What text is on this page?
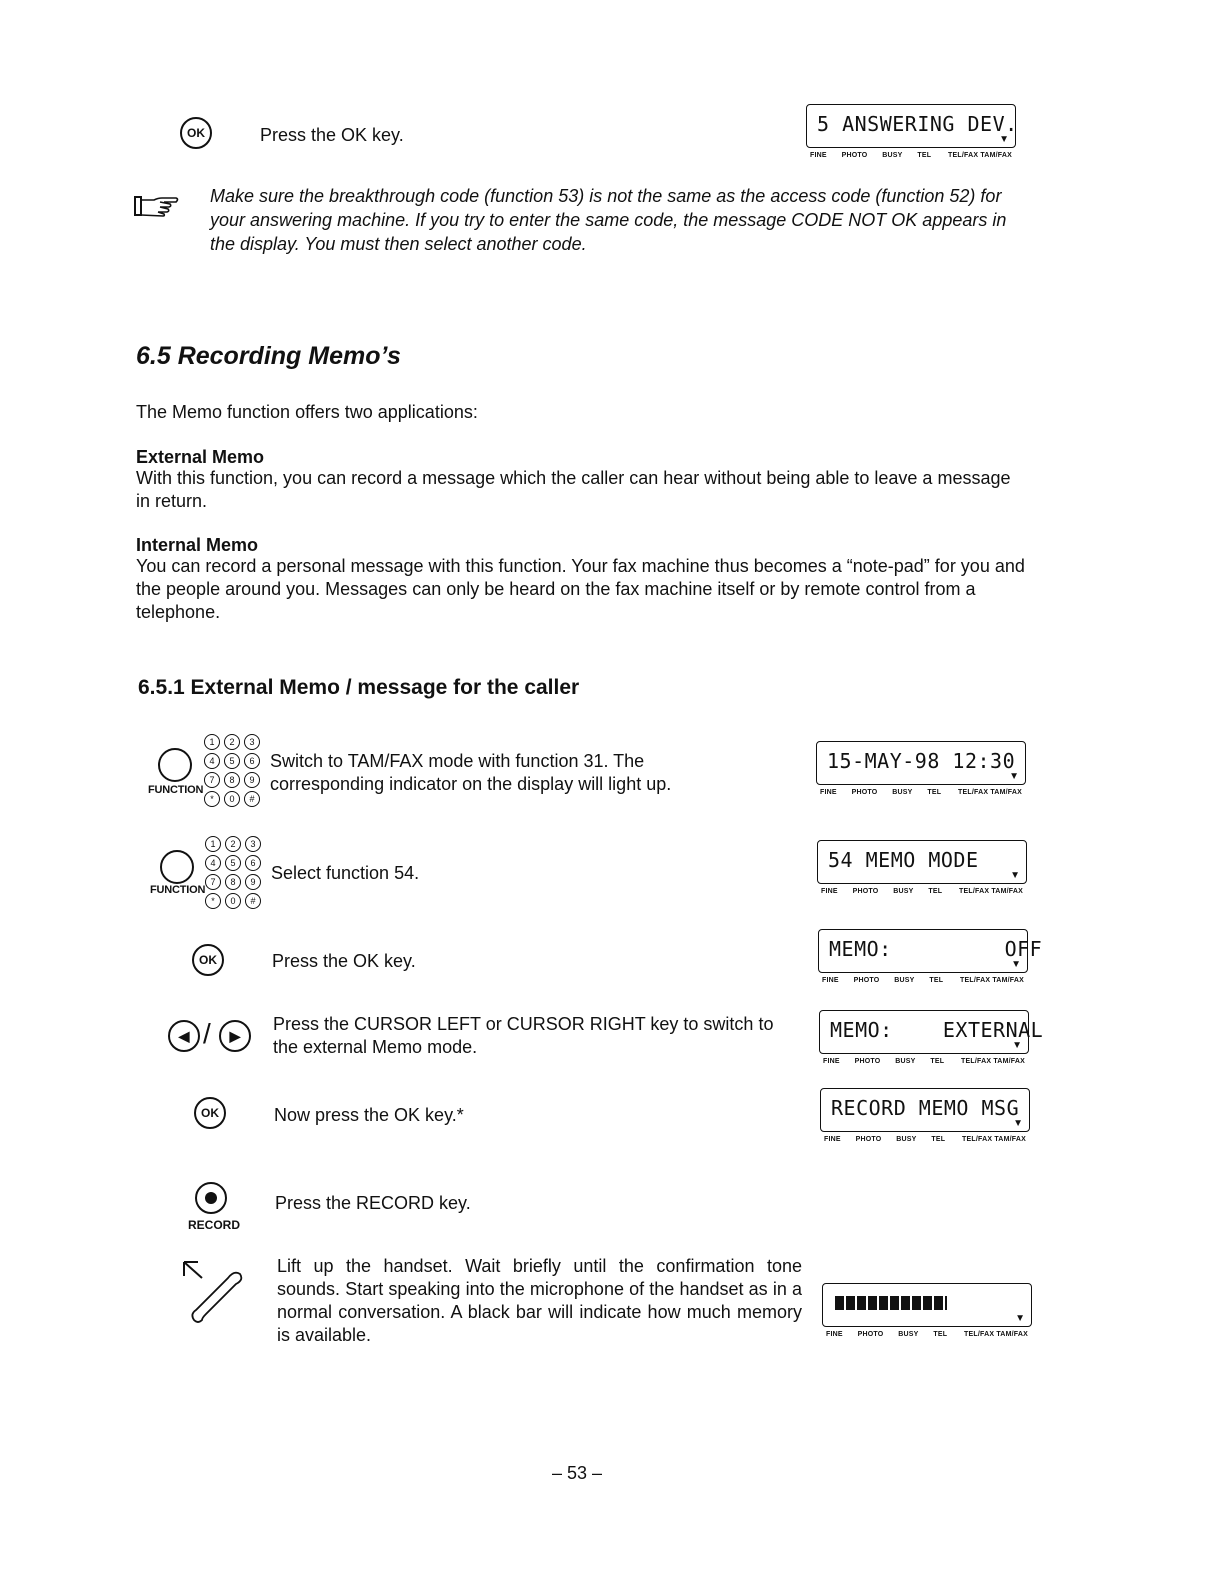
OK	Press the OK key.	5 ANSWERING DEV.
▼
FINE PHOTO BUSY TEL TEL/FAX TAM/FAX
Make sure the breakthrough code (function 53) is not the same as the access code (function 52) for your answering machine. If you try to enter the same code, the message CODE NOT OK appears in the display. You must then select another code.
6.5 Recording Memo’s
The Memo function offers two applications:
External Memo
With this function, you can record a message which the caller can hear without being able to leave a message in return.
Internal Memo
You can record a personal message with this function. Your fax machine thus becomes a “note-pad” for you and the people around you. Messages can only be heard on the fax machine itself or by remote control from a telephone.
6.5.1 External Memo / message for the caller
FUNCTION
1	2	3
4	5	6
7	8	9
*	0	#
Switch to TAM/FAX mode with function 31. The corresponding indicator on the display will light up.
15-MAY-98 12:30
▼
FINE PHOTO BUSY TEL TEL/FAX TAM/FAX
FUNCTION
1	2	3
4	5	6
7	8	9
*	0	#
Select function 54.
54 MEMO MODE
▼
FINE PHOTO BUSY TEL TEL/FAX TAM/FAX
OK	Press the OK key.	MEMO:         OFF
▼
FINE PHOTO BUSY TEL TEL/FAX TAM/FAX
◀ /	▶
Press the CURSOR LEFT or CURSOR RIGHT key to switch to the external Memo mode.
MEMO:    EXTERNAL
▼
FINE PHOTO BUSY TEL TEL/FAX TAM/FAX
OK	Now press the OK key.*	RECORD MEMO MSG
▼
FINE PHOTO BUSY TEL TEL/FAX TAM/FAX
RECORD
Press the RECORD key.
Lift up the handset. Wait briefly until the confirmation tone sounds. Start speaking into the microphone of the handset as in a normal conversation. A black bar will indicate how much memory is available.
▼
FINE PHOTO BUSY TEL TEL/FAX TAM/FAX
– 53 –
